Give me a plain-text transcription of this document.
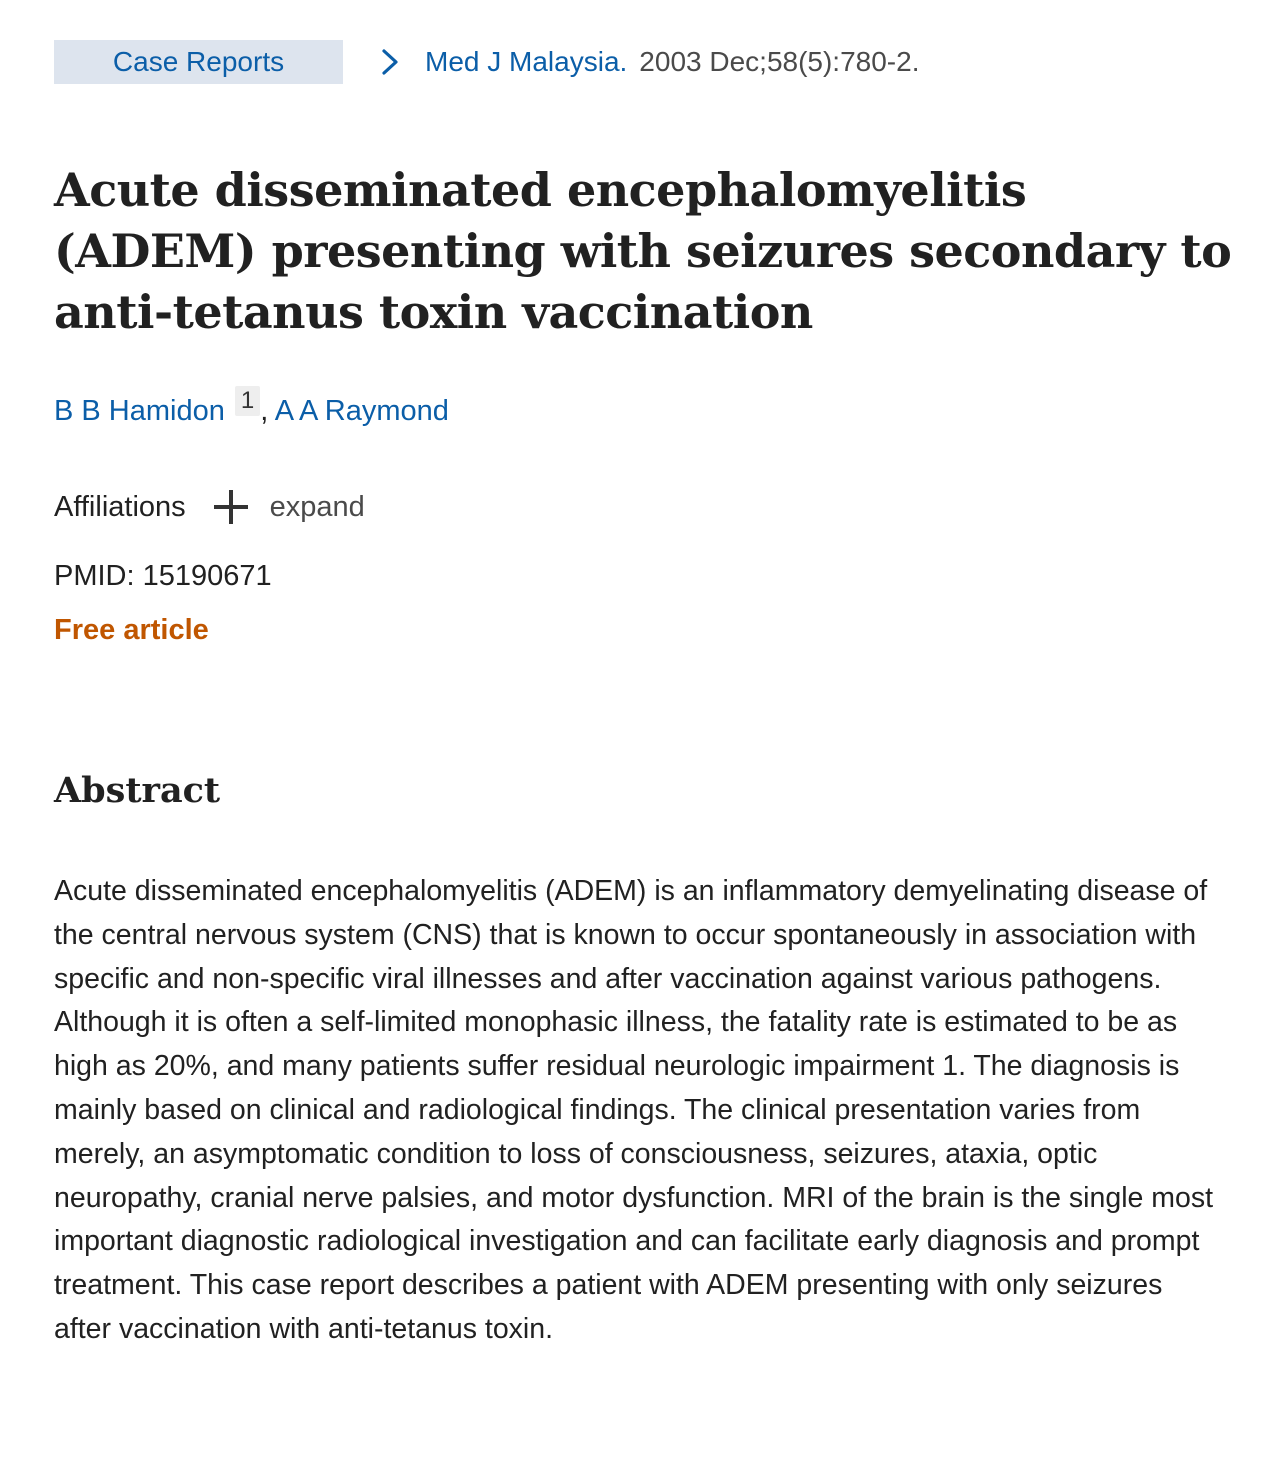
Case Reports	Med J Malaysia. 2003 Dec;58(5):780-2.
Acute disseminated encephalomyelitis (ADEM) presenting with seizures secondary to anti-tetanus toxin vaccination
B B Hamidon 1 , A A Raymond
Affiliations	expand
PMID: 15190671
Free article
Abstract

Acute disseminated encephalomyelitis (ADEM) is an inflammatory demyelinating disease of the central nervous system (CNS) that is known to occur spontaneously in association with specific and non-specific viral illnesses and after vaccination against various pathogens. Although it is often a self-limited monophasic illness, the fatality rate is estimated to be as high as 20%, and many patients suffer residual neurologic impairment 1. The diagnosis is mainly based on clinical and radiological findings. The clinical presentation varies from merely, an asymptomatic condition to loss of consciousness, seizures, ataxia, optic neuropathy, cranial nerve palsies, and motor dysfunction. MRI of the brain is the single most important diagnostic radiological investigation and can facilitate early diagnosis and prompt treatment. This case report describes a patient with ADEM presenting with only seizures after vaccination with anti-tetanus toxin.
